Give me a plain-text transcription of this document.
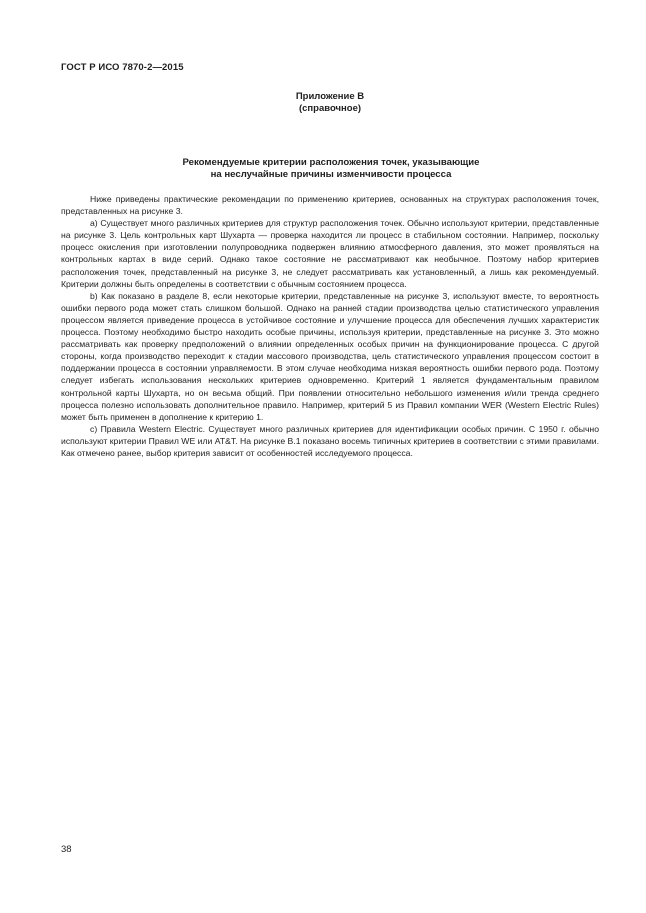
ГОСТ Р ИСО 7870-2—2015
Приложение В
(справочное)
Рекомендуемые критерии расположения точек, указывающие
на неслучайные причины изменчивости процесса

Ниже приведены практические рекомендации по применению критериев, основанных на структурах расположения точек, представленных на рисунке 3.

а) Существует много различных критериев для структур расположения точек. Обычно используют критерии, представленные на рисунке 3. Цель контрольных карт Шухарта — проверка находится ли процесс в стабильном состоянии. Например, поскольку процесс окисления при изготовлении полупроводника подвержен влиянию атмосферного давления, это может проявляться на контрольных картах в виде серий. Однако такое состояние не рассматривают как необычное. Поэтому набор критериев расположения точек, представленный на рисунке 3, не следует рассматривать как установленный, а лишь как рекомендуемый. Критерии должны быть определены в соответствии с обычным состоянием процесса.

b) Как показано в разделе 8, если некоторые критерии, представленные на рисунке 3, используют вместе, то вероятность ошибки первого рода может стать слишком большой. Однако на ранней стадии производства целью статистического управления процессом является приведение процесса в устойчивое состояние и улучшение процесса для обеспечения лучших характеристик процесса. Поэтому необходимо быстро находить особые причины, используя критерии, представленные на рисунке 3. Это можно рассматривать как проверку предположений о влиянии определенных особых причин на функционирование процесса. С другой стороны, когда производство переходит к стадии массового производства, цель статистического управления процессом состоит в поддержании процесса в состоянии управляемости. В этом случае необходима низкая вероятность ошибки первого рода. Поэтому следует избегать использования нескольких критериев одновременно. Критерий 1 является фундаментальным правилом контрольной карты Шухарта, но он весьма общий. При появлении относительно небольшого изменения и/или тренда среднего процесса полезно использовать дополнительное правило. Например, критерий 5 из Правил компании WER (Western Electric Rules) может быть применен в дополнение к критерию 1.

с) Правила Western Electric. Существует много различных критериев для идентификации особых причин. С 1950 г. обычно используют критерии Правил WE или AT&T. На рисунке В.1 показано восемь типичных критериев в соответствии с этими правилами. Как отмечено ранее, выбор критерия зависит от особенностей исследуемого процесса.

38
